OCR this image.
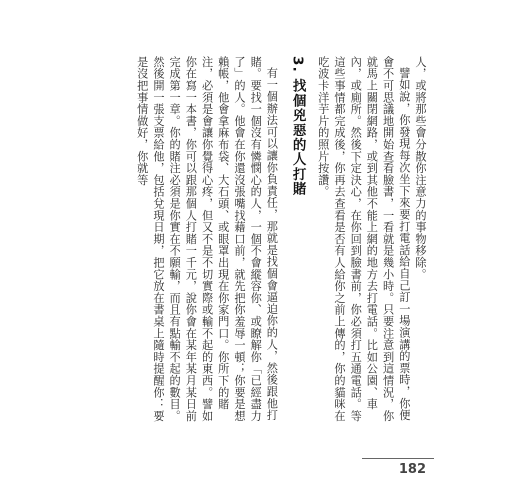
人，或將那些會分散你注意力的事物移除。

譬如說，你發現每次坐下來要打電話給自己訂一場演講的票時，你便會不可思議地開始查看臉書，一看就是幾小時。只要注意到這情況，你就馬上關閉網路，或到其他不能上網的地方去打電話。比如公園、車內，或廁所。然後下定決心，在你回到臉書前，你必須打五通電話。等這些事情都完成後，你再去查看是否有人給你之前上傳的，你的貓咪在吃波卡洋芋片的照片按讚。

3. 找個兇惡的人打賭

有一個辦法可以讓你負責任，那就是找個會逼迫你的人，然後跟他打賭。要找一個沒有憐憫心的人，一個不會縱容你、或瞭解你「已經盡力了」的人。他會在你還沒張嘴找藉口前，就先把你羞辱一頓；你要是想賴帳，他會拿麻布袋、大石頭、或眼罩出現在你家門口。你所下的賭注，必須是會讓你覺得心疼，但又不是不切實際或輸不起的東西。譬如你在寫一本書，你可以跟那個人打賭一千元，說你會在某年某月某日前完成第一章。你的賭注必須是你實在不願輸，而且有點輸不起的數目。然後開一張支票給他，包括兌現日期，把它放在書桌上隨時提醒你：要是沒把事情做好，你就等

182
